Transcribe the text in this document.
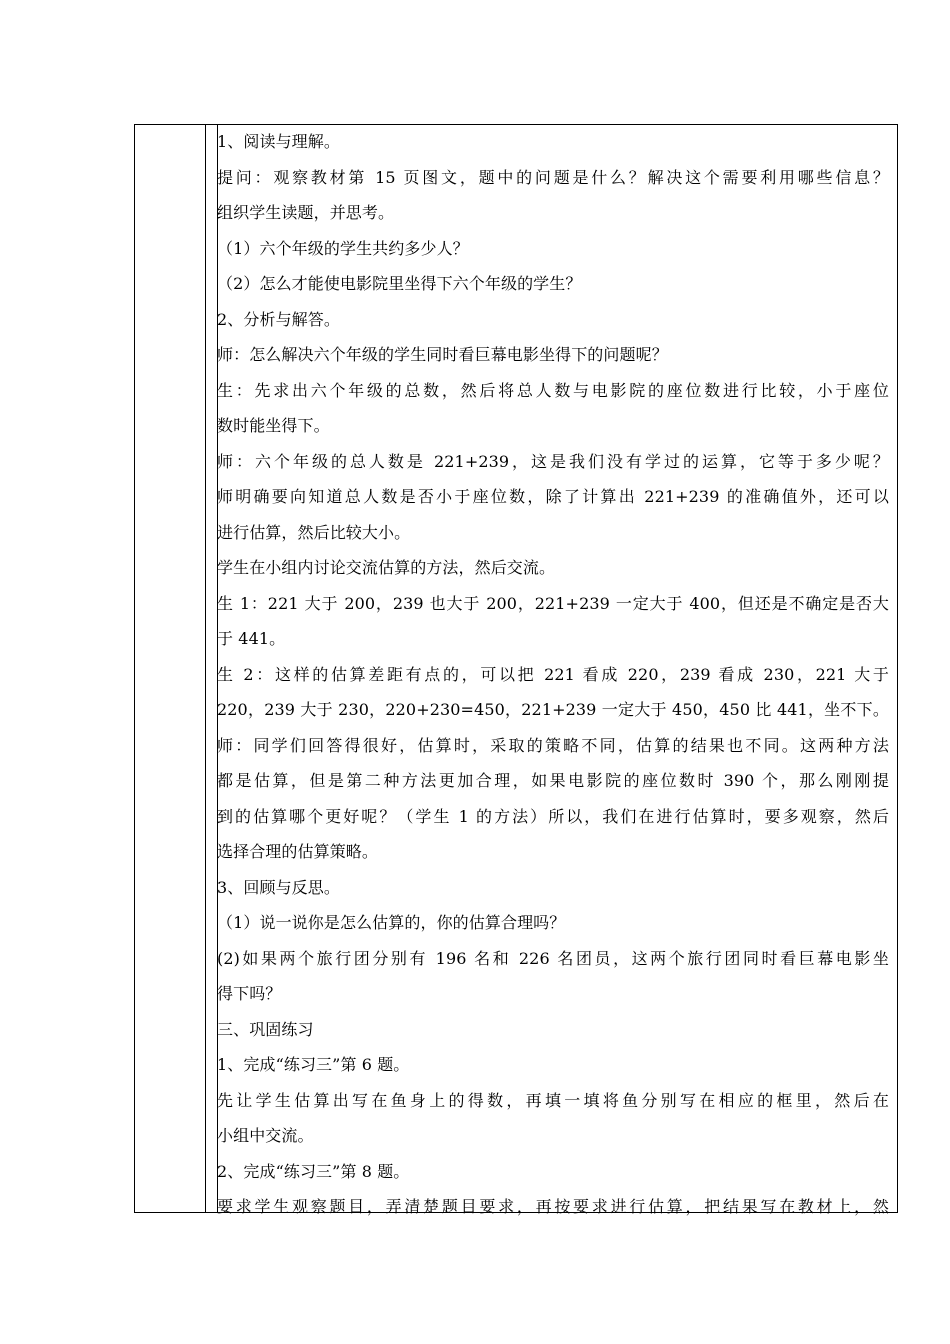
1、阅读与理解。
提问：观察教材第 15 页图文，题中的问题是什么？解决这个需要利用哪些信息？
组织学生读题，并思考。
（1）六个年级的学生共约多少人？
（2）怎么才能使电影院里坐得下六个年级的学生？
2、分析与解答。
师：怎么解决六个年级的学生同时看巨幕电影坐得下的问题呢？
生：先求出六个年级的总数，然后将总人数与电影院的座位数进行比较，小于座位
数时能坐得下。
师：六个年级的总人数是 221+239，这是我们没有学过的运算，它等于多少呢？
师明确要向知道总人数是否小于座位数，除了计算出 221+239 的准确值外，还可以
进行估算，然后比较大小。
学生在小组内讨论交流估算的方法，然后交流。
生 1：221 大于 200，239 也大于 200，221+239 一定大于 400，但还是不确定是否大
于 441。
生 2：这样的估算差距有点的，可以把 221 看成 220，239 看成 230，221 大于
220，239 大于 230，220+230=450，221+239 一定大于 450，450 比 441，坐不下。
师：同学们回答得很好，估算时，采取的策略不同，估算的结果也不同。这两种方法
都是估算，但是第二种方法更加合理，如果电影院的座位数时 390 个，那么刚刚提
到的估算哪个更好呢？（学生 1 的方法）所以，我们在进行估算时，要多观察，然后
选择合理的估算策略。
3、回顾与反思。
（1）说一说你是怎么估算的，你的估算合理吗？
(2)如果两个旅行团分别有 196 名和 226 名团员，这两个旅行团同时看巨幕电影坐
得下吗？
三、巩固练习
1、完成“练习三”第 6 题。
先让学生估算出写在鱼身上的得数，再填一填将鱼分别写在相应的框里，然后在
小组中交流。
2、完成“练习三”第 8 题。
要求学生观察题目，弄清楚题目要求，再按要求进行估算，把结果写在教材上，然
